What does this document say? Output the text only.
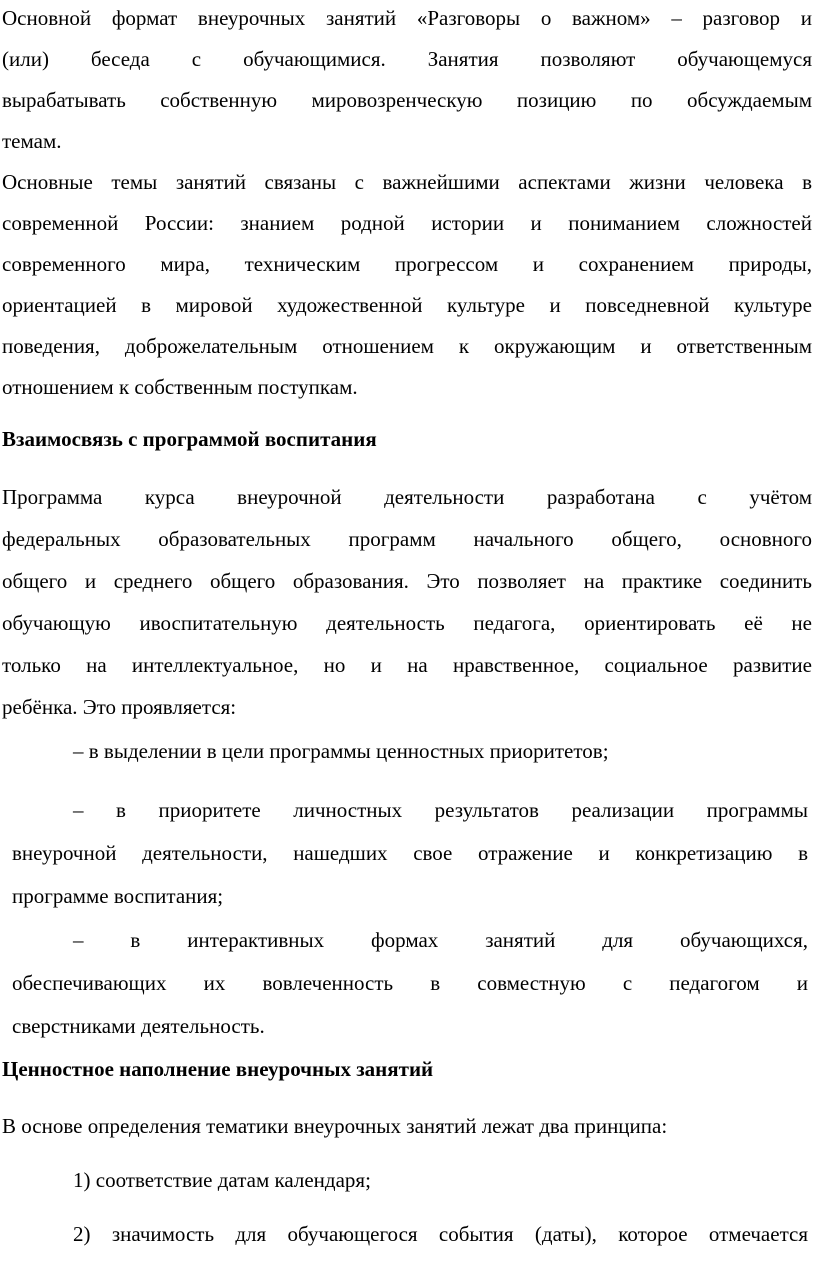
Основной формат внеурочных занятий «Разговоры о важном» – разговор и
(или) беседа с обучающимися. Занятия позволяют обучающемуся
вырабатывать собственную мировозренческую позицию по обсуждаемым
темам.
Основные темы занятий связаны с важнейшими аспектами жизни человека в
современной России: знанием родной истории и пониманием сложностей
современного мира, техническим прогрессом и сохранением природы,
ориентацией в мировой художественной культуре и повседневной культуре
поведения, доброжелательным отношением к окружающим и ответственным
отношением к собственным поступкам.
Взаимосвязь с программой воспитания
Программа курса внеурочной деятельности разработана с учётом
федеральных образовательных программ начального общего, основного
общего и среднего общего образования. Это позволяет на практике соединить
обучающую ивоспитательную деятельность педагога, ориентировать её не
только на интеллектуальное, но и на нравственное, социальное развитие
ребёнка. Это проявляется:
– в выделении в цели программы ценностных приоритетов;
– в приоритете личностных результатов реализации программы
внеурочной деятельности, нашедших свое отражение и конкретизацию в
программе воспитания;
– в интерактивных формах занятий для обучающихся,
обеспечивающих их вовлеченность в совместную с педагогом и
сверстниками деятельность.
Ценностное наполнение внеурочных занятий
В основе определения тематики внеурочных занятий лежат два принципа:
1) соответствие датам календаря;
2) значимость для обучающегося события (даты), которое отмечается
